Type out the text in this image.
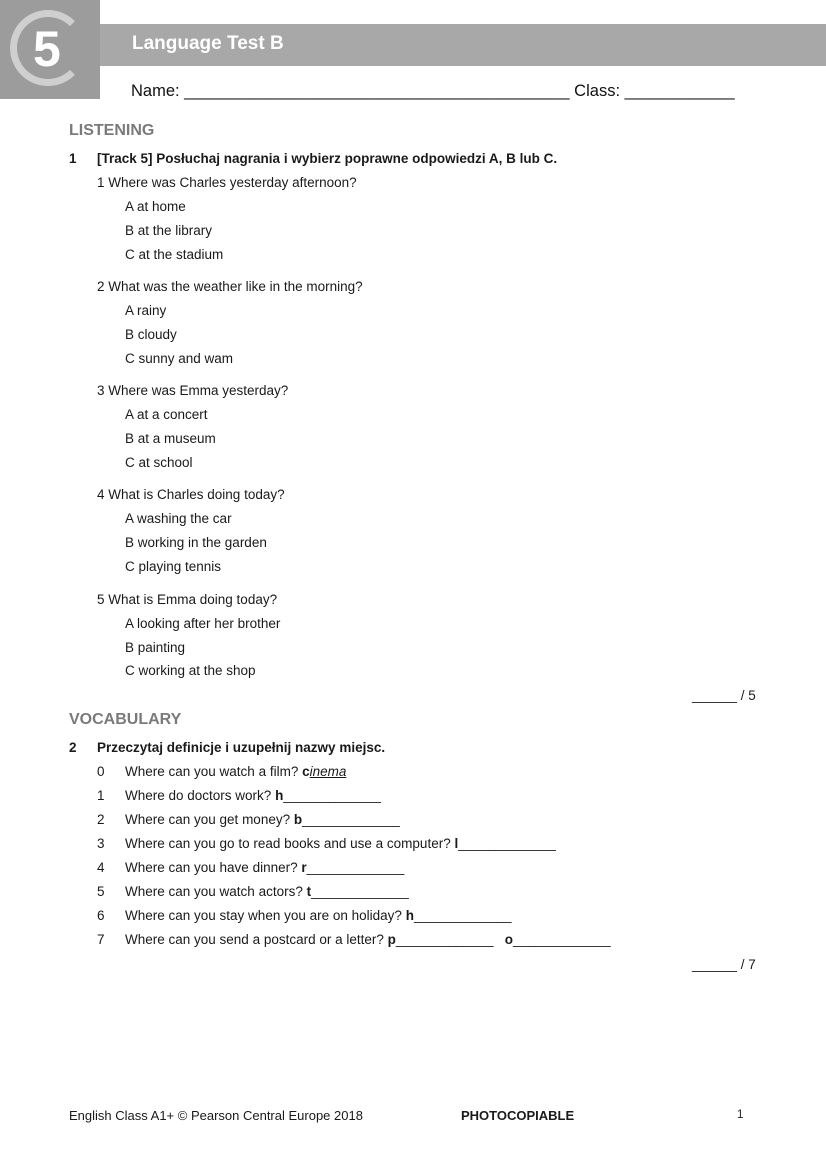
5	Language Test B
Name: __________________________________________ Class: ____________
LISTENING
1 [Track 5] Posłuchaj nagrania i wybierz poprawne odpowiedzi A, B lub C.
1 Where was Charles yesterday afternoon?
A at home
B at the library
C at the stadium
2 What was the weather like in the morning?
A rainy
B cloudy
C sunny and wam
3 Where was Emma yesterday?
A at a concert
B at a museum
C at school
4 What is Charles doing today?
A washing the car
B working in the garden
C playing tennis
5 What is Emma doing today?
A looking after her brother
B painting
C working at the shop
______ / 5
VOCABULARY
2 Przeczytaj definicje i uzupełnij nazwy miejsc.
0 Where can you watch a film? cinema
1 Where do doctors work? h_____________
2 Where can you get money? b_____________
3 Where can you go to read books and use a computer? l_____________
4 Where can you have dinner? r_____________
5 Where can you watch actors? t_____________
6 Where can you stay when you are on holiday? h_____________
7 Where can you send a postcard or a letter? p_____________ o_____________
______ / 7
English Class A1+ © Pearson Central Europe 2018	PHOTOCOPIABLE	1
